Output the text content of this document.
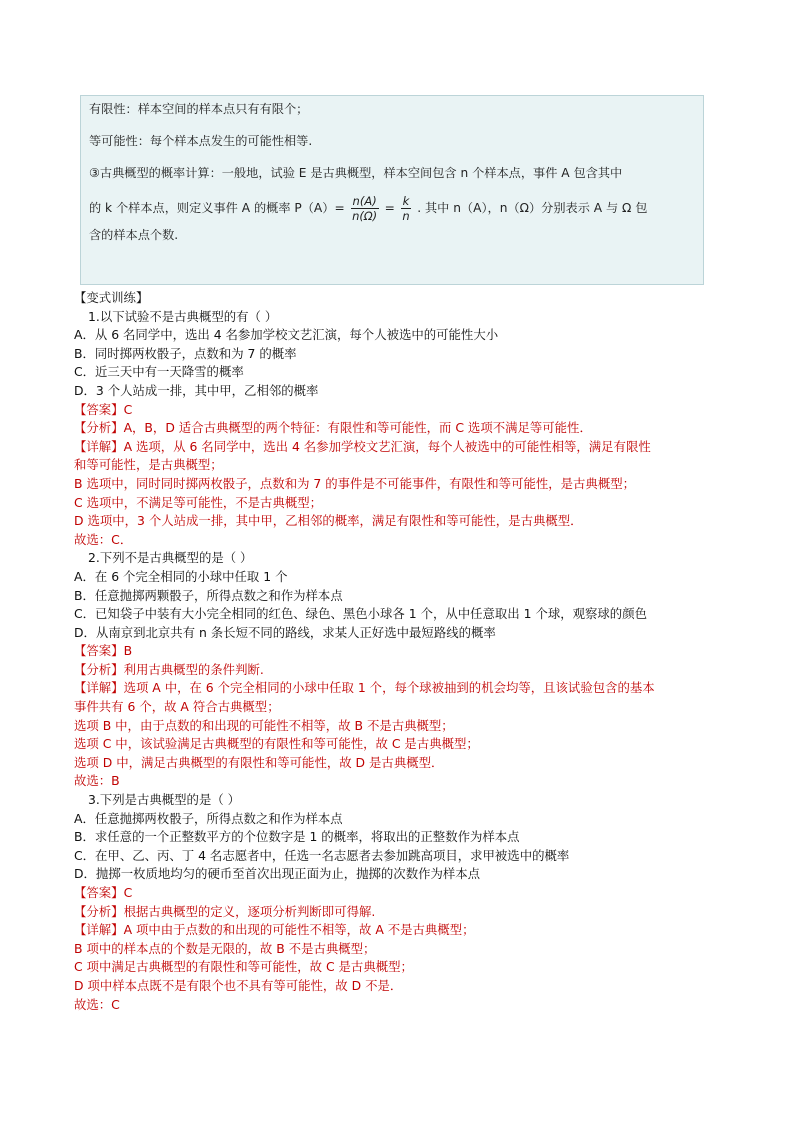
有限性：样本空间的样本点只有有限个；

等可能性：每个样本点发生的可能性相等.

③古典概型的概率计算：一般地，试验 E 是古典概型，样本空间包含 n 个样本点，事件 A 包含其中

的 k 个样本点，则定义事件 A 的概率 $P(A)= \frac{n(A)}{n(\Omega)} = \frac{k}{n}$ . 其中 n（A），n（Ω）分别表示 A 与 Ω 包

含的样本点个数.

【变式训练】
1.以下试验不是古典概型的有（ ）
A．从 6 名同学中，选出 4 名参加学校文艺汇演，每个人被选中的可能性大小
B．同时掷两枚骰子，点数和为 7 的概率
C．近三天中有一天降雪的概率
D．3 个人站成一排，其中甲，乙相邻的概率
【答案】C
【分析】A，B，D 适合古典概型的两个特征：有限性和等可能性，而 C 选项不满足等可能性．
【详解】A 选项，从 6 名同学中，选出 4 名参加学校文艺汇演，每个人被选中的可能性相等，满足有限性
和等可能性，是古典概型；
B 选项中，同时同时掷两枚骰子，点数和为 7 的事件是不可能事件，有限性和等可能性，是古典概型；
C 选项中，不满足等可能性，不是古典概型；
D 选项中，3 个人站成一排，其中甲，乙相邻的概率，满足有限性和等可能性，是古典概型．
故选：C．
2.下列不是古典概型的是（ ）
A．在 6 个完全相同的小球中任取 1 个
B．任意抛掷两颗骰子，所得点数之和作为样本点
C．已知袋子中装有大小完全相同的红色、绿色、黑色小球各 1 个，从中任意取出 1 个球，观察球的颜色
D．从南京到北京共有 n 条长短不同的路线，求某人正好选中最短路线的概率
【答案】B
【分析】利用古典概型的条件判断.
【详解】选项 A 中，在 6 个完全相同的小球中任取 1 个，每个球被抽到的机会均等，且该试验包含的基本
事件共有 6 个，故 A 符合古典概型；
选项 B 中，由于点数的和出现的可能性不相等，故 B 不是古典概型；
选项 C 中，该试验满足古典概型的有限性和等可能性，故 C 是古典概型；
选项 D 中，满足古典概型的有限性和等可能性，故 D 是古典概型．
故选：B
3.下列是古典概型的是（ ）
A．任意抛掷两枚骰子，所得点数之和作为样本点
B．求任意的一个正整数平方的个位数字是 1 的概率，将取出的正整数作为样本点
C．在甲、乙、丙、丁 4 名志愿者中，任选一名志愿者去参加跳高项目，求甲被选中的概率
D．抛掷一枚质地均匀的硬币至首次出现正面为止，抛掷的次数作为样本点
【答案】C
【分析】根据古典概型的定义，逐项分析判断即可得解.
【详解】A 项中由于点数的和出现的可能性不相等，故 A 不是古典概型；
B 项中的样本点的个数是无限的，故 B 不是古典概型；
C 项中满足古典概型的有限性和等可能性，故 C 是古典概型；
D 项中样本点既不是有限个也不具有等可能性，故 D 不是．
故选：C
